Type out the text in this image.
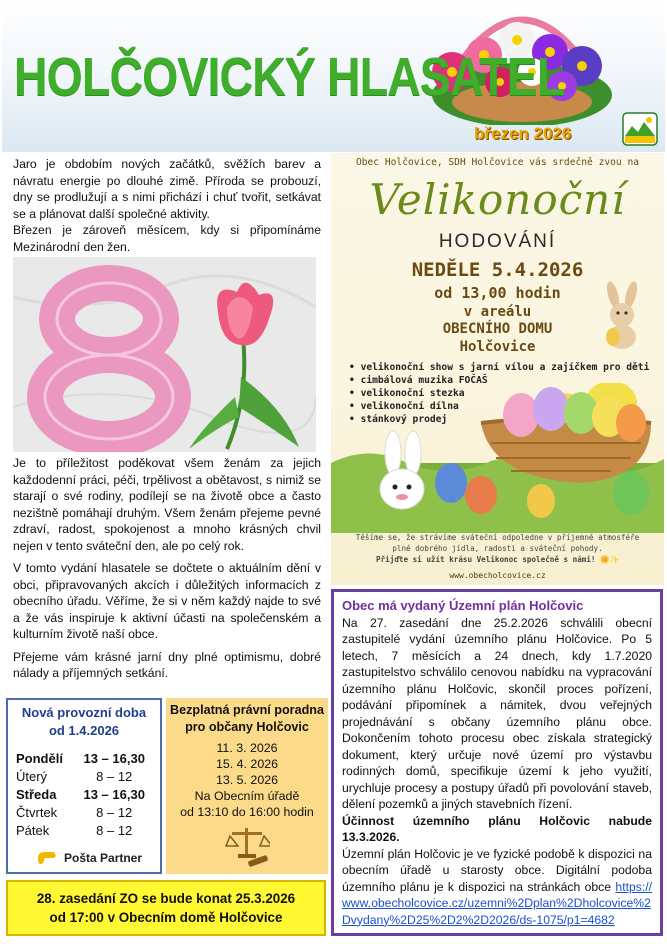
HOLČOVICKÝ HLASATEL
březen 2026

Jaro je obdobím nových začátků, svěžích barev a návratu energie po dlouhé zimě. Příroda se probouzí, dny se prodlužují a s nimi přichází i chuť tvořit, setkávat se a plánovat další společné aktivity.

Březen je zároveň měsícem, kdy si připomínáme Mezinárodní den žen.

Je to příležitost poděkovat všem ženám za jejich každodenní práci, péči, trpělivost a obětavost, s nimiž se starají o své rodiny, podílejí se na životě obce a často nezištně pomáhají druhým. Všem ženám přejeme pevné zdraví, radost, spokojenost a mnoho krásných chvil nejen v tento sváteční den, ale po celý rok.

V tomto vydání hlasatele se dočtete o aktuálním dění v obci, připravovaných akcích i důležitých informacích z obecního úřadu. Věříme, že si v něm každý najde to své a že vás inspiruje k aktivní účasti na společenském a kulturním životě naší obce.

Přejeme vám krásné jarní dny plné optimismu, dobré nálady a příjemných setkání.

Obec Holčovice, SDH Holčovice vás srdečně zvou na
Velikonoční
HODOVÁNÍ
NEDĚLE 5.4.2026
od 13,00 hodin
v areálu
OBECNÍHO DOMU
Holčovice
• velikonoční show s jarní vílou a zajíčkem pro děti
• cimbálová muzika FOČAŠ
• velikonoční stezka
• velikonoční dílna
• stánkový prodej
Těšíme se, že strávíme sváteční odpoledne v příjemné atmosféře
plné dobrého jídla, radosti a sváteční pohody.
Přijďte si užít krásu Velikonoc společně s námi! 🌼✨
www.obecholcovice.cz
Obec má vydaný Územní plán Holčovic

Na 27. zasedání dne 25.2.2026 schválili obecní zastupitelé vydání územního plánu Holčovice. Po 5 letech, 7 měsících a 24 dnech, kdy 1.7.2020 zastupitelstvo schválilo cenovou nabídku na vypracování územního plánu Holčovic, skončil proces pořízení, podávání připomínek a námitek, dvou veřejných projednávání s občany územního plánu obce. Dokončením tohoto procesu obec získala strategický dokument, který určuje nové území pro výstavbu rodinných domů, specifikuje území k jeho využití, urychluje procesy a postupy úřadů při povolování staveb, dělení pozemků a jiných stavebních řízení.

Účinnost územního plánu Holčovic nabude 13.3.2026.

Územní plán Holčovic je ve fyzické podobě k dispozici na obecním úřadě u starosty obce. Digitální podoba územního plánu je k dispozici na stránkách obce https://www.obecholcovice.cz/uzemni%2Dplan%2Dholcovice%2Dvydany%2D25%2D2%2D2026/ds-1075/p1=4682

Nová provozní doba od 1.4.2026
Pondělí	13 – 16,30
Úterý	8 – 12
Středa	13 – 16,30
Čtvrtek	8 – 12
Pátek	8 – 12
Pošta Partner
Bezplatná právní poradna pro občany Holčovic
11. 3. 2026
15. 4. 2026
13. 5. 2026
Na Obecním úřadě
od 13:10 do 16:00 hodin
28. zasedání ZO se bude konat 25.3.2026
od 17:00 v Obecním domě Holčovice
